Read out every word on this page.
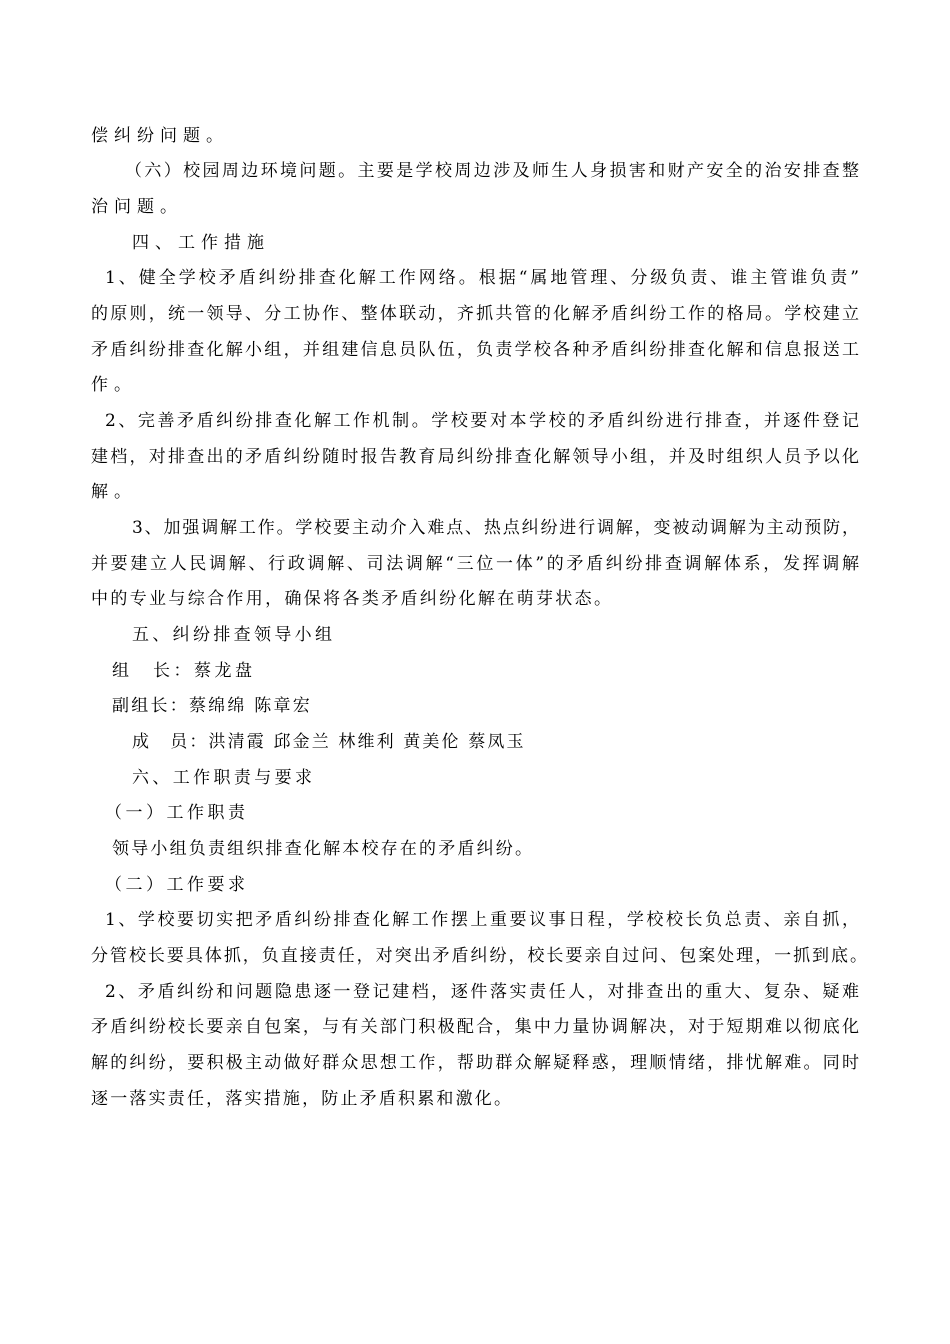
偿纠纷问题。

（六）校园周边环境问题。主要是学校周边涉及师生人身损害和财产安全的治安排查整

治问题。

四、工作措施

1、健全学校矛盾纠纷排查化解工作网络。根据“属地管理、分级负责、谁主管谁负责”

的原则，统一领导、分工协作、整体联动，齐抓共管的化解矛盾纠纷工作的格局。学校建立

矛盾纠纷排查化解小组，并组建信息员队伍，负责学校各种矛盾纠纷排查化解和信息报送工

作。

2、完善矛盾纠纷排查化解工作机制。学校要对本学校的矛盾纠纷进行排查，并逐件登记

建档，对排查出的矛盾纠纷随时报告教育局纠纷排查化解领导小组，并及时组织人员予以化

解。

3、加强调解工作。学校要主动介入难点、热点纠纷进行调解，变被动调解为主动预防，

并要建立人民调解、行政调解、司法调解“三位一体”的矛盾纠纷排查调解体系，发挥调解

中的专业与综合作用，确保将各类矛盾纠纷化解在萌芽状态。

五、纠纷排查领导小组

组　长：蔡龙盘

副组长：蔡绵绵 陈章宏

成　员：洪清霞 邱金兰 林维利 黄美伦 蔡凤玉

六、工作职责与要求

（一）工作职责

领导小组负责组织排查化解本校存在的矛盾纠纷。

（二）工作要求

1、学校要切实把矛盾纠纷排查化解工作摆上重要议事日程，学校校长负总责、亲自抓，

分管校长要具体抓，负直接责任，对突出矛盾纠纷，校长要亲自过问、包案处理，一抓到底。

2、矛盾纠纷和问题隐患逐一登记建档，逐件落实责任人，对排查出的重大、复杂、疑难

矛盾纠纷校长要亲自包案，与有关部门积极配合，集中力量协调解决，对于短期难以彻底化

解的纠纷，要积极主动做好群众思想工作，帮助群众解疑释惑，理顺情绪，排忧解难。同时

逐一落实责任，落实措施，防止矛盾积累和激化。
